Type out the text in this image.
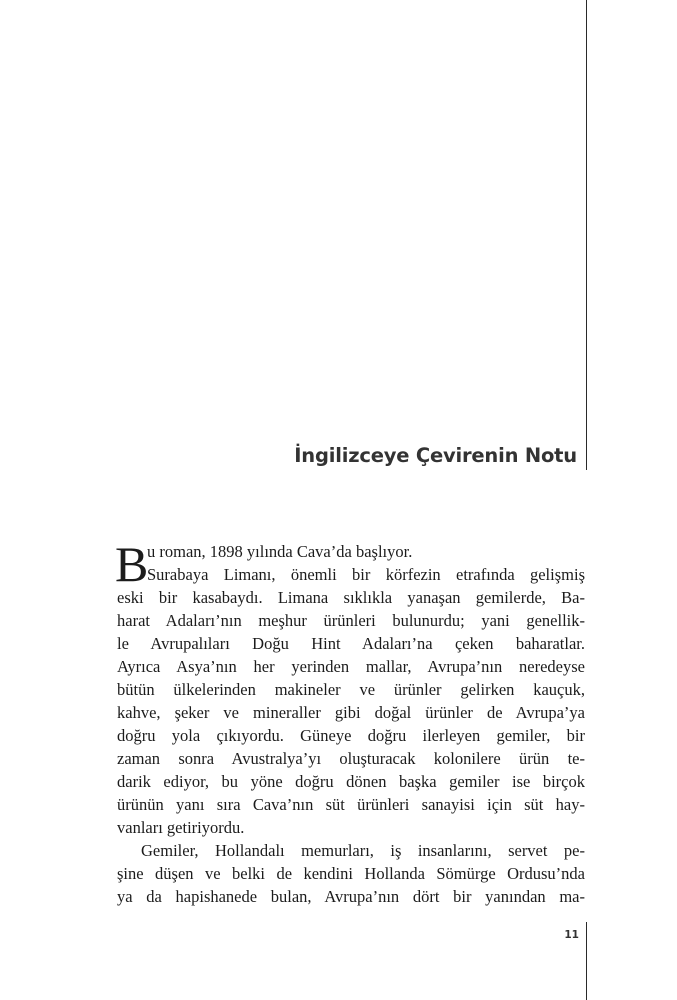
İngilizceye Çevirenin Notu
B
u roman, 1898 yılında Cava’da başlıyor.
Surabaya Limanı, önemli bir körfezin etrafında gelişmiş
eski bir kasabaydı. Limana sıklıkla yanaşan gemilerde, Ba-
harat Adaları’nın meşhur ürünleri bulunurdu; yani genellik-
le Avrupalıları Doğu Hint Adaları’na çeken baharatlar.
Ayrıca Asya’nın her yerinden mallar, Avrupa’nın neredeyse
bütün ülkelerinden makineler ve ürünler gelirken kauçuk,
kahve, şeker ve mineraller gibi doğal ürünler de Avrupa’ya
doğru yola çıkıyordu. Güneye doğru ilerleyen gemiler, bir
zaman sonra Avustralya’yı oluşturacak kolonilere ürün te-
darik ediyor, bu yöne doğru dönen başka gemiler ise birçok
ürünün yanı sıra Cava’nın süt ürünleri sanayisi için süt hay-
vanları getiriyordu.
Gemiler, Hollandalı memurları, iş insanlarını, servet pe-
şine düşen ve belki de kendini Hollanda Sömürge Ordusu’nda
ya da hapishanede bulan, Avrupa’nın dört bir yanından ma-
11
